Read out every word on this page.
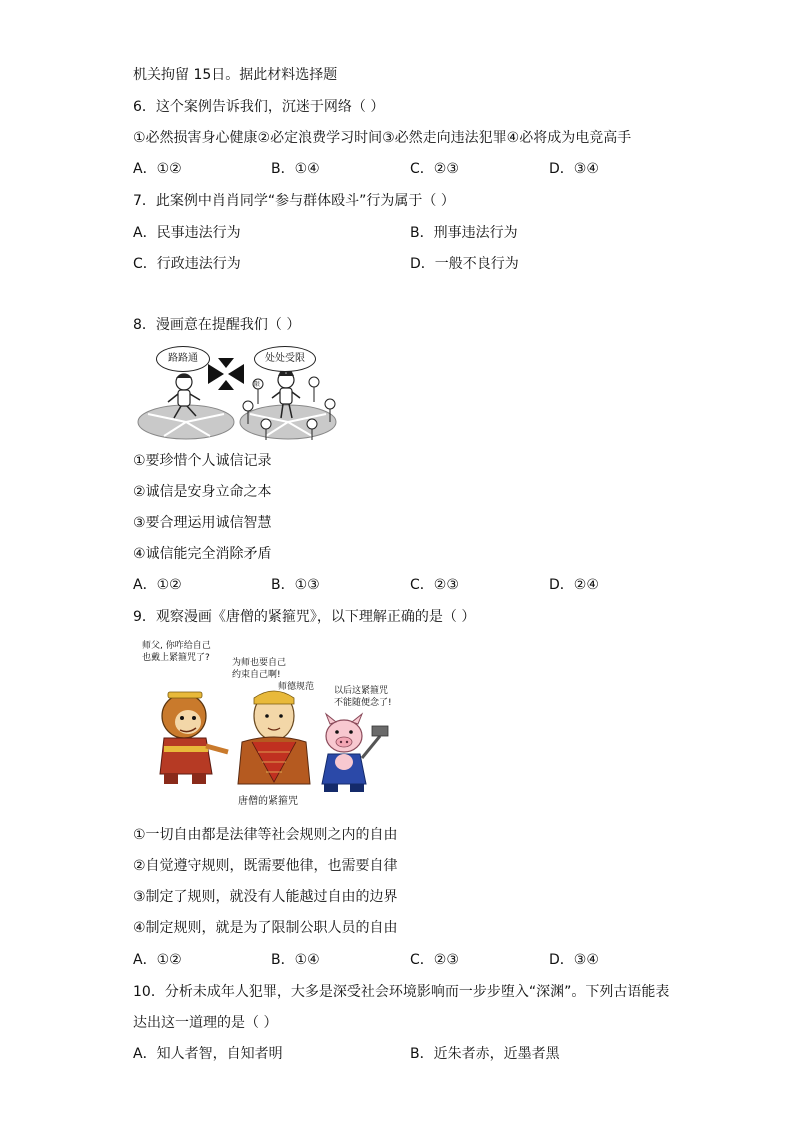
机关拘留 15日。据此材料选择题
6．这个案例告诉我们，沉迷于网络（ ）
①必然损害身心健康②必定浪费学习时间③必然走向违法犯罪④必将成为电竞高手
A．①②	B．①④	C．②③	D．③④
7．此案例中肖肖同学“参与群体殴斗”行为属于（ ）
A．民事违法行为	B．刑事违法行为
C．行政违法行为	D．一般不良行为
8．漫画意在提醒我们（ ）
路路通	处处受限
限
①要珍惜个人诚信记录
②诚信是安身立命之本
③要合理运用诚信智慧
④诚信能完全消除矛盾
A．①②	B．①③	C．②③	D．②④
9．观察漫画《唐僧的紧箍咒》，以下理解正确的是（ ）
师父, 你咋给自己
也戴上紧箍咒了? 为师也要自己
约束自己啊!
师德规范 以后这紧箍咒
不能随便念了!
唐僧的紧箍咒
①一切自由都是法律等社会规则之内的自由
②自觉遵守规则，既需要他律，也需要自律
③制定了规则，就没有人能越过自由的边界
④制定规则，就是为了限制公职人员的自由
A．①②	B．①④	C．②③	D．③④
10．分析未成年人犯罪，大多是深受社会环境影响而一步步堕入“深渊”。下列古语能表
达出这一道理的是（ ）
A．知人者智，自知者明	B．近朱者赤，近墨者黑
